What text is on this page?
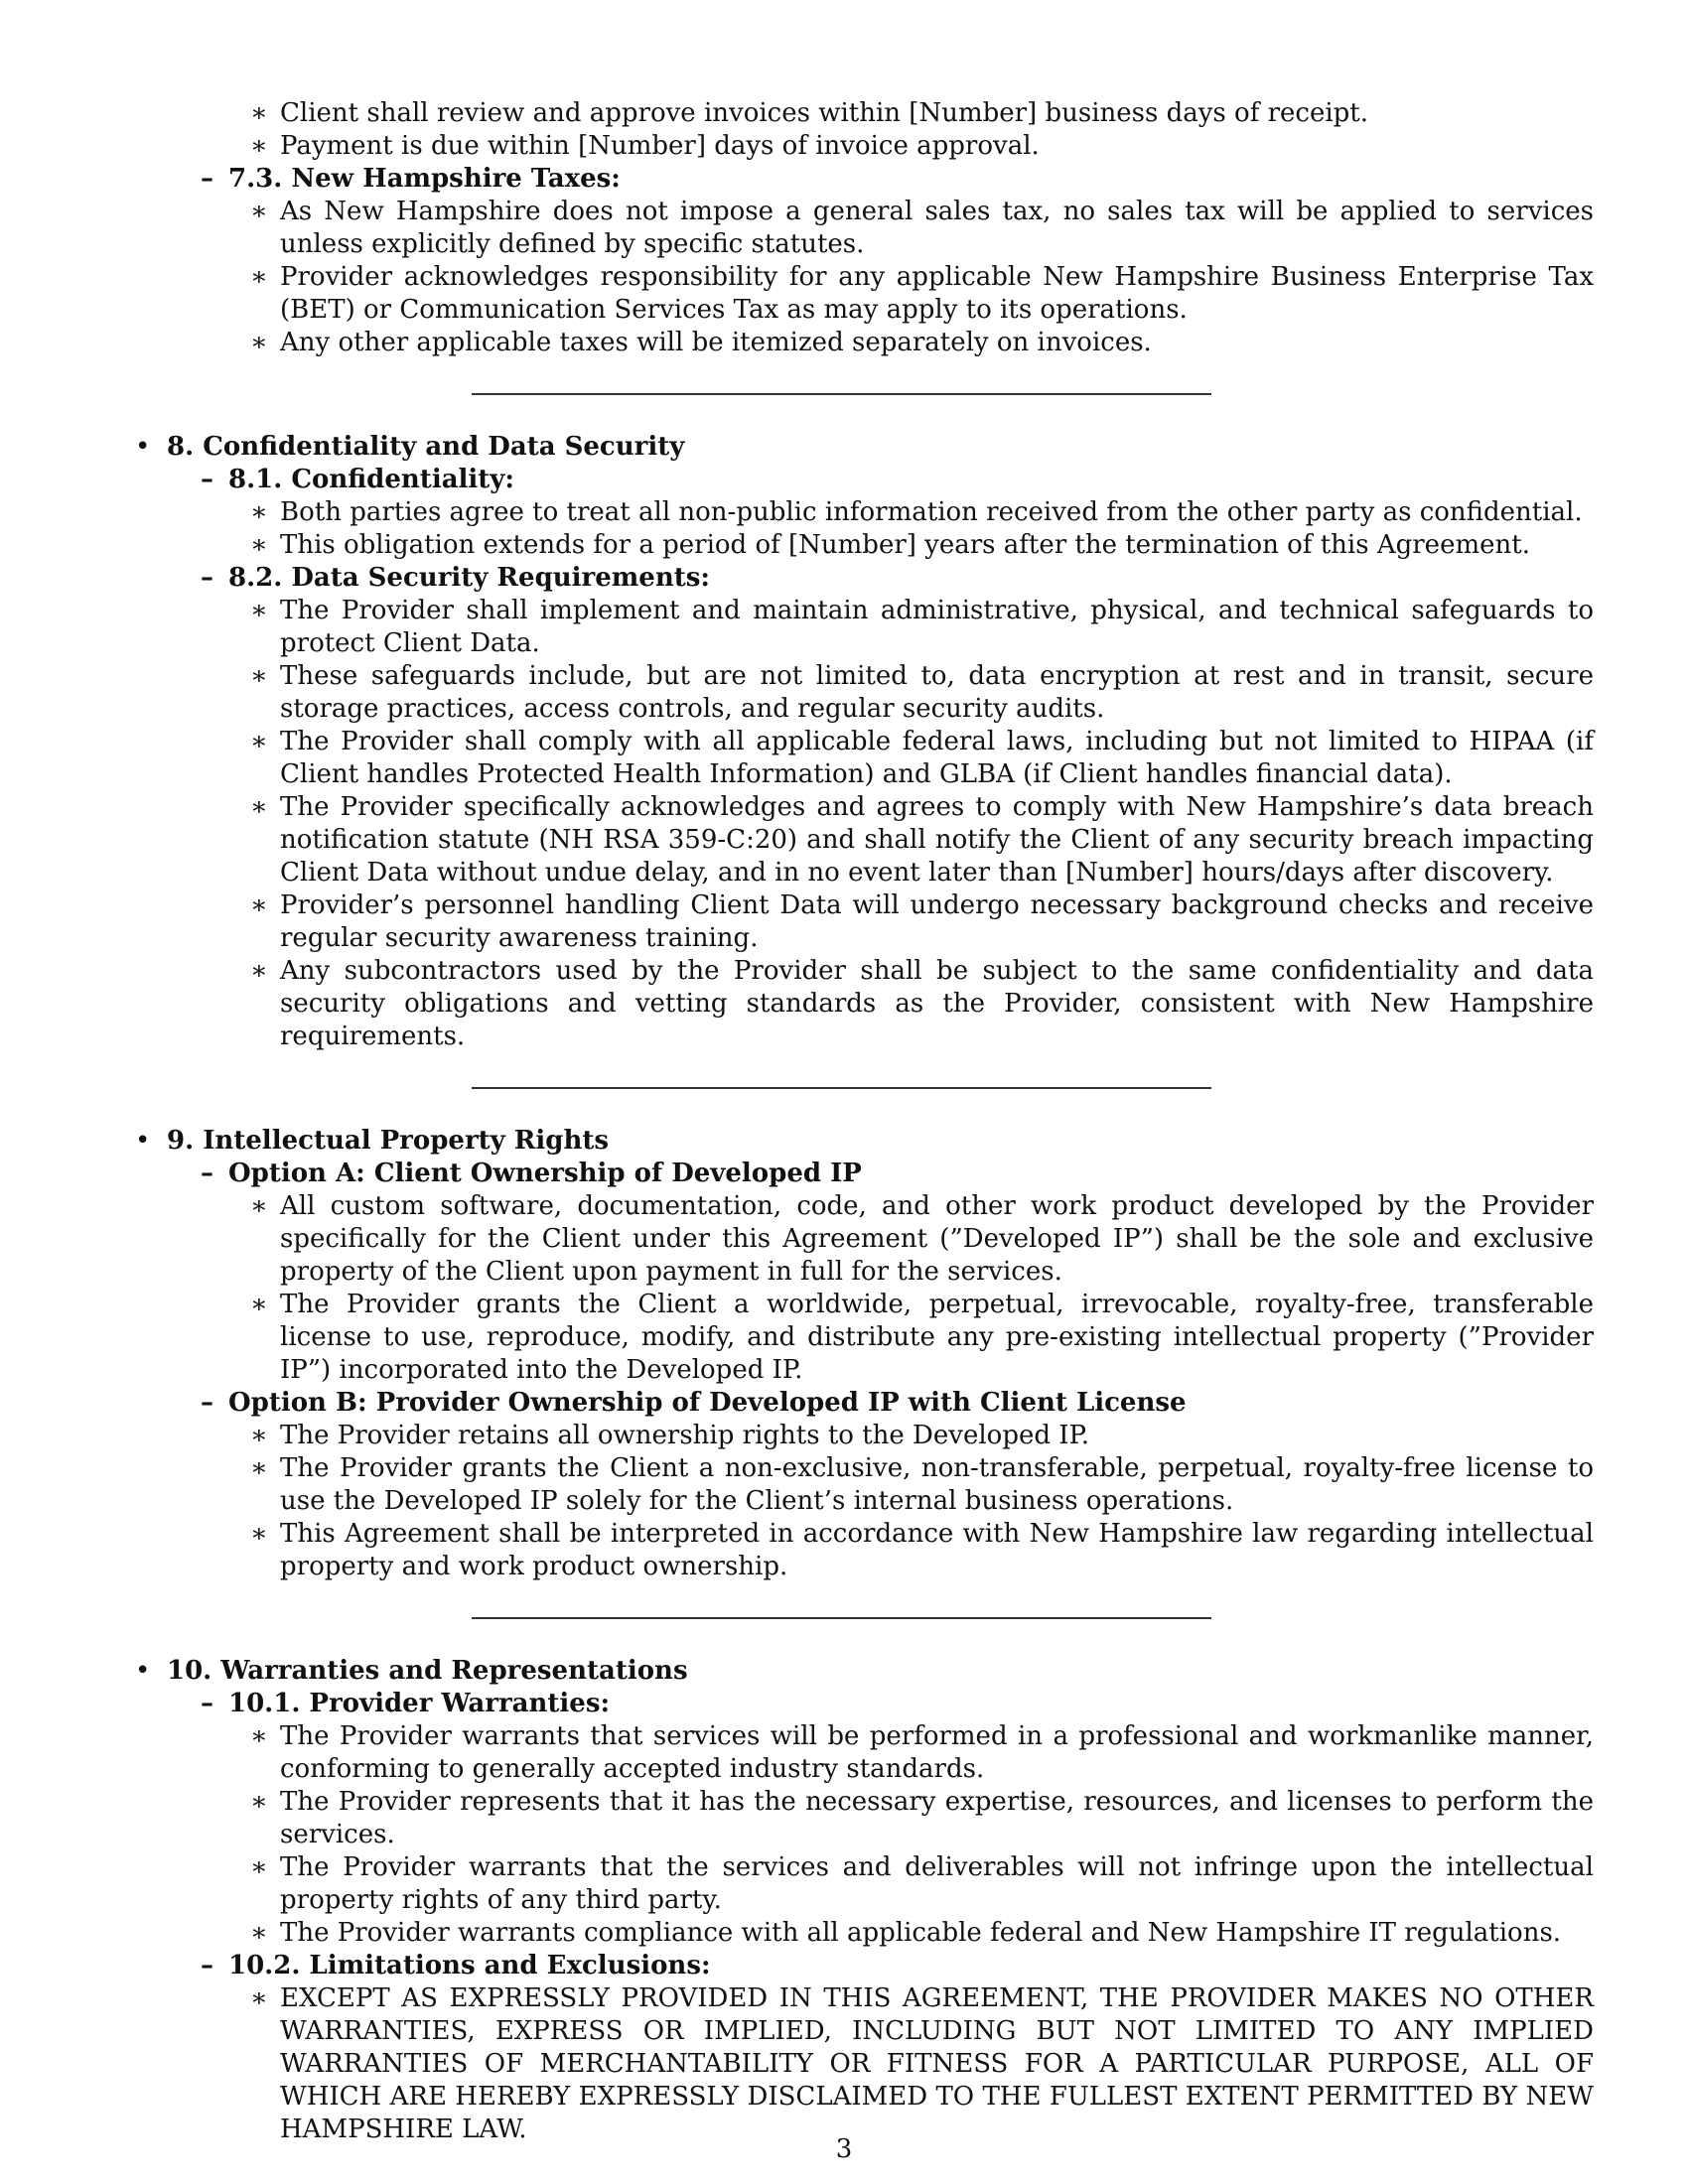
∗ Client shall review and approve invoices within [Number] business days of receipt.
∗ Payment is due within [Number] days of invoice approval.
– 7.3. New Hampshire Taxes:
∗ As New Hampshire does not impose a general sales tax, no sales tax will be applied to services unless explicitly defined by specific statutes.
∗ Provider acknowledges responsibility for any applicable New Hampshire Business Enterprise Tax (BET) or Communication Services Tax as may apply to its operations.
∗ Any other applicable taxes will be itemized separately on invoices.
• 8. Confidentiality and Data Security
– 8.1. Confidentiality:
∗ Both parties agree to treat all non-public information received from the other party as confidential.
∗ This obligation extends for a period of [Number] years after the termination of this Agreement.
– 8.2. Data Security Requirements:
∗ The Provider shall implement and maintain administrative, physical, and technical safeguards to protect Client Data.
∗ These safeguards include, but are not limited to, data encryption at rest and in transit, secure storage practices, access controls, and regular security audits.
∗ The Provider shall comply with all applicable federal laws, including but not limited to HIPAA (if Client handles Protected Health Information) and GLBA (if Client handles financial data).
∗ The Provider specifically acknowledges and agrees to comply with New Hampshire’s data breach notification statute (NH RSA 359-C:20) and shall notify the Client of any security breach impacting Client Data without undue delay, and in no event later than [Number] hours/days after discovery.
∗ Provider’s personnel handling Client Data will undergo necessary background checks and receive regular security awareness training.
∗ Any subcontractors used by the Provider shall be subject to the same confidentiality and data security obligations and vetting standards as the Provider, consistent with New Hampshire requirements.
• 9. Intellectual Property Rights
– Option A: Client Ownership of Developed IP
∗ All custom software, documentation, code, and other work product developed by the Provider specifically for the Client under this Agreement (”Developed IP”) shall be the sole and exclusive property of the Client upon payment in full for the services.
∗ The Provider grants the Client a worldwide, perpetual, irrevocable, royalty-free, transferable license to use, reproduce, modify, and distribute any pre-existing intellectual property (”Provider IP”) incorporated into the Developed IP.
– Option B: Provider Ownership of Developed IP with Client License
∗ The Provider retains all ownership rights to the Developed IP.
∗ The Provider grants the Client a non-exclusive, non-transferable, perpetual, royalty-free license to use the Developed IP solely for the Client’s internal business operations.
∗ This Agreement shall be interpreted in accordance with New Hampshire law regarding intellectual property and work product ownership.
• 10. Warranties and Representations
– 10.1. Provider Warranties:
∗ The Provider warrants that services will be performed in a professional and workmanlike manner, conforming to generally accepted industry standards.
∗ The Provider represents that it has the necessary expertise, resources, and licenses to perform the services.
∗ The Provider warrants that the services and deliverables will not infringe upon the intellectual property rights of any third party.
∗ The Provider warrants compliance with all applicable federal and New Hampshire IT regulations.
– 10.2. Limitations and Exclusions:
∗ EXCEPT AS EXPRESSLY PROVIDED IN THIS AGREEMENT, THE PROVIDER MAKES NO OTHER WARRANTIES, EXPRESS OR IMPLIED, INCLUDING BUT NOT LIMITED TO ANY IMPLIED WARRANTIES OF MERCHANTABILITY OR FITNESS FOR A PARTICULAR PURPOSE, ALL OF WHICH ARE HEREBY EXPRESSLY DISCLAIMED TO THE FULLEST EXTENT PERMITTED BY NEW HAMPSHIRE LAW.
3
